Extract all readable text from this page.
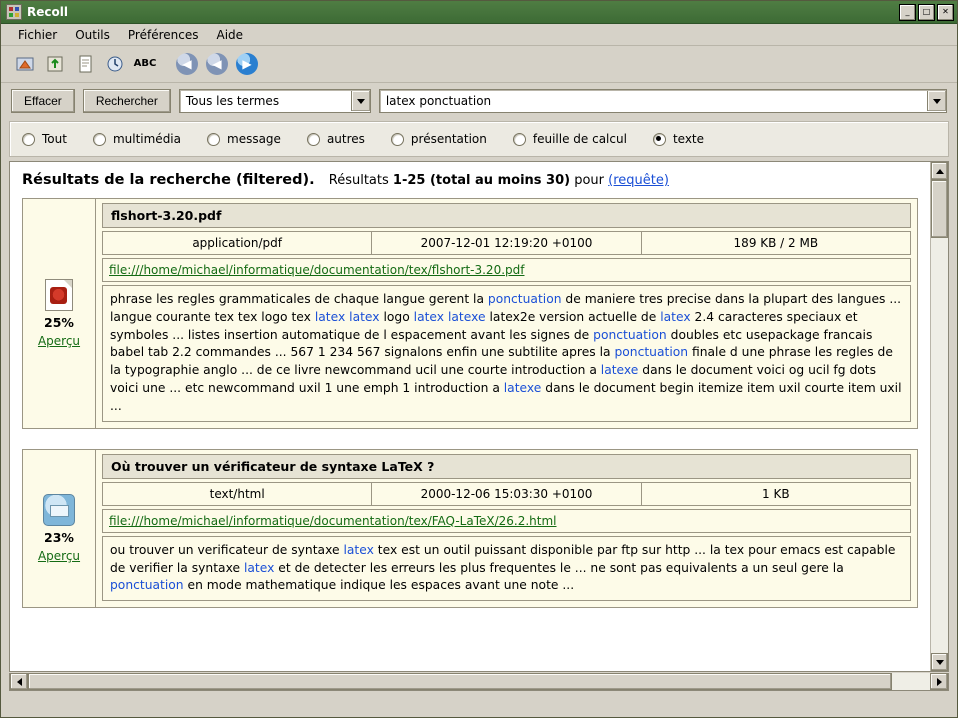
Recoll	_	□	✕
Fichier	Outils	Préférences	Aide
ABC	◀	◀	▶
Effacer	Rechercher	Tous les termes	latex ponctuation
Tout	multimédia	message	autres	présentation	feuille de calcul	texte
Résultats de la recherche (filtered). Résultats 1-25 (total au moins 30) pour (requête)
25%
Aperçu
flshort-3.20.pdf
application/pdf	2007-12-01 12:19:20 +0100	189 KB / 2 MB
file:///home/michael/informatique/documentation/tex/flshort-3.20.pdf
phrase les regles grammaticales de chaque langue gerent la ponctuation de maniere tres precise dans la plupart des langues ... langue courante tex tex logo tex latex latex logo latex latexe latex2e version actuelle de latex 2.4 caracteres speciaux et symboles ... listes insertion automatique de l espacement avant les signes de ponctuation doubles etc usepackage francais babel tab 2.2 commandes ... 567 1 234 567 signalons enfin une subtilite apres la ponctuation finale d une phrase les regles de la typographie anglo ... de ce livre newcommand ucil une courte introduction a latexe dans le document voici og ucil fg dots voici une ... etc newcommand uxil 1 une emph 1 introduction a latexe dans le document begin itemize item uxil courte item uxil ...
23%
Aperçu
Où trouver un vérificateur de syntaxe LaTeX ?
text/html	2000-12-06 15:03:30 +0100	1 KB
file:///home/michael/informatique/documentation/tex/FAQ-LaTeX/26.2.html
ou trouver un verificateur de syntaxe latex tex est un outil puissant disponible par ftp sur http ... la tex pour emacs est capable de verifier la syntaxe latex et de detecter les erreurs les plus frequentes le ... ne sont pas equivalents a un seul gere la ponctuation en mode mathematique indique les espaces avant une note ...
